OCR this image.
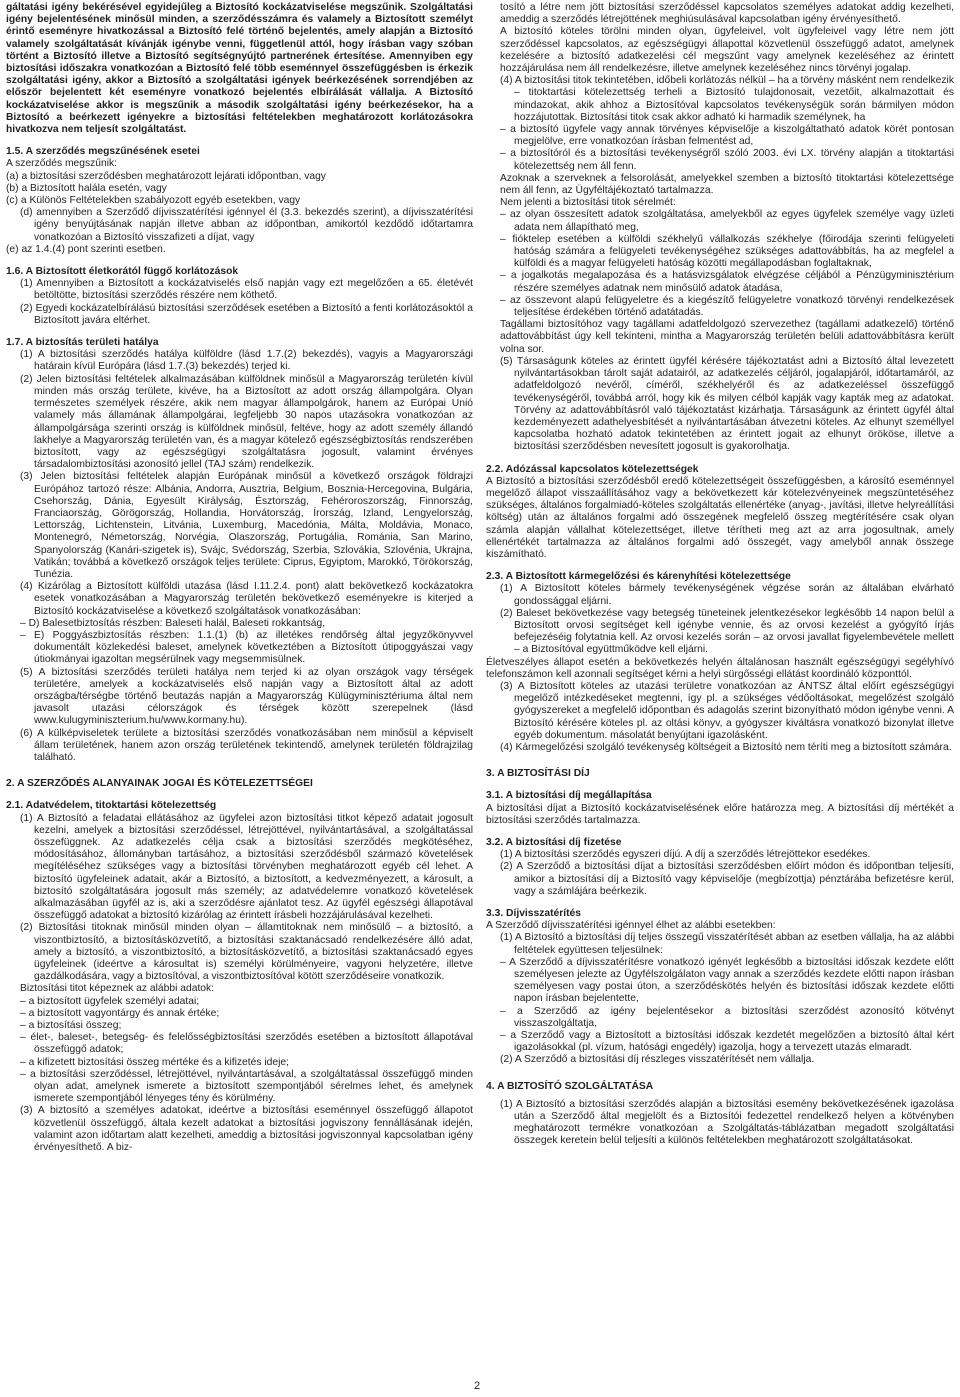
gáltatási igény bekérésével egyidejűleg a Biztosító kockázatviselése megszűnik. Szolgáltatási igény bejelentésének minősül minden, a szerződésszámra és valamely a Biztosított személyt érintő eseményre hivatkozással a Biztosító felé történő bejelentés, amely alapján a Biztosító valamely szolgáltatását kívánják igénybe venni, függetlenül attól, hogy írásban vagy szóban történt a Biztosító illetve a Biztosító segítségnyújtó partnerének értesítése. Amennyiben egy biztosítási időszakra vonatkozóan a Biztosító felé több eseménnyel összefüggésben is érkezik szolgáltatási igény, akkor a Biztosító a szolgáltatási igények beérkezésének sorrendjében az először bejelentett két eseményre vonatkozó bejelentés elbírálását vállalja. A Biztosító kockázatviselése akkor is megszűnik a második szolgáltatási igény beérkezésekor, ha a Biztosító a beérkezett igényekre a biztosítási feltételekben meghatározott korlátozásokra hivatkozva nem teljesít szolgáltatást.

1.5. A szerződés megszűnésének esetei

A szerződés megszűnik:

(a) a biztosítási szerződésben meghatározott lejárati időpontban, vagy

(b) a Biztosított halála esetén, vagy

(c) a Különös Feltételekben szabályozott egyéb esetekben, vagy

(d) amennyiben a Szerződő díjvisszatérítési igénnyel él (3.3. bekezdés szerint), a díjvisszatérítési igény benyújtásának napján illetve abban az időpontban, amikortól kezdődő időtartamra vonatkozóan a Biztosító visszafizeti a díjat, vagy

(e) az 1.4.(4) pont szerinti esetben.

1.6. A Biztosított életkorától függő korlátozások

(1) Amennyiben a Biztosított a kockázatviselés első napján vagy ezt megelőzően a 65. életévét betöltötte, biztosítási szerződés részére nem köthető.

(2) Egyedi kockázatelbírálású biztosítási szerződések esetében a Biztosító a fenti korlátozásoktól a Biztosított javára eltérhet.

1.7. A biztosítás területi hatálya

(1) A biztosítási szerződés hatálya külföldre (lásd 1.7.(2) bekezdés), vagyis a Magyarországi határain kívül Európára (lásd 1.7.(3) bekezdés) terjed ki.

(2) Jelen biztosítási feltételek alkalmazásában külföldnek minősül a Magyarország területén kívül minden más ország területe, kivéve, ha a Biztosított az adott ország állampolgára. Olyan természetes személyek részére, akik nem magyar állampolgárok, hanem az Európai Unió valamely más államának állampolgárai, legfeljebb 30 napos utazásokra vonatkozóan az állampolgársága szerinti ország is külföldnek minősül, feltéve, hogy az adott személy állandó lakhelye a Magyarország területén van, és a magyar kötelező egészségbiztosítás rendszerében biztosított, vagy az egészségügyi szolgáltatásra jogosult, valamint érvényes társadalombiztosítási azonosító jellel (TAJ szám) rendelkezik.

(3) Jelen biztosítási feltételek alapján Európának minősül a következő országok földrajzi Európához tartozó része: Albánia, Andorra, Ausztria, Belgium, Bosznia-Hercegovina, Bulgária, Csehország, Dánia, Egyesült Királyság, Észtország, Fehéroroszország, Finnország, Franciaország, Görögország, Hollandia, Horvátország, Írország, Izland, Lengyelország, Lettország, Lichtenstein, Litvánia, Luxemburg, Macedónia, Málta, Moldávia, Monaco, Montenegró, Németország, Norvégia, Olaszország, Portugália, Románia, San Marino, Spanyolország (Kanári-szigetek is), Svájc, Svédország, Szerbia, Szlovákia, Szlovénia, Ukrajna, Vatikán; továbbá a következő országok teljes területe: Ciprus, Egyiptom, Marokkó, Törökország, Tunézia.

(4) Kizárólag a Biztosított külföldi utazása (lásd I.11.2.4. pont) alatt bekövetkező kockázatokra esetek vonatkozásában a Magyarország területén bekövetkező eseményekre is kiterjed a Biztosító kockázatviselése a következő szolgáltatások vonatkozásában:

– D) Balesetbiztosítás részben: Baleseti halál, Baleseti rokkantság,

– E) Poggyászbiztosítás részben: 1.1.(1) (b) az illetékes rendőrség által jegyzőkönyvvel dokumentált közlekedési baleset, amelynek következtében a Biztosított útipoggyászai vagy útiokmányai igazoltan megsérülnek vagy megsemmisülnek.

(5) A biztosítási szerződés területi hatálya nem terjed ki az olyan országok vagy térségek területére, amelyek a kockázatviselés első napján vagy a Biztosított által az adott országba/térségbe történő beutazás napján a Magyarország Külügyminisztériuma által nem javasolt utazási célországok és térségek között szerepelnek (lásd www.kulugyminiszterium.hu/www.kormany.hu).

(6) A külképviseletek területe a biztosítási szerződés vonatkozásában nem minősül a képviselt állam területének, hanem azon ország területének tekintendő, amelynek területén földrajzilag található.

2. A SZERZŐDÉS ALANYAINAK JOGAI ÉS KÖTELEZETTSÉGEI

2.1. Adatvédelem, titoktartási kötelezettség

(1) A Biztosító a feladatai ellátásához az ügyfelei azon biztosítási titkot képező adatait jogosult kezelni, amelyek a biztosítási szerződéssel, létrejöttével, nyilvántartásával, a szolgáltatással összefüggnek. Az adatkezelés célja csak a biztosítási szerződés megkötéséhez, módosításához, állományban tartásához, a biztosítási szerződésből származó követelések megítéléséhez szükséges vagy a biztosítási törvényben meghatározott egyéb cél lehet. A biztosító ügyfeleinek adatait, akár a Biztosító, a biztosított, a kedvezményezett, a károsult, a biztosító szolgáltatására jogosult más személy; az adatvédelemre vonatkozó követelések alkalmazásában ügyfél az is, aki a szerződésre ajánlatot tesz. Az ügyfél egészségi állapotával összefüggő adatokat a biztosító kizárólag az érintett írásbeli hozzájárulásával kezelheti.

(2) Biztosítási titoknak minősül minden olyan – államtitoknak nem minősülő – a biztosító, a viszontbiztosító, a biztosításközvetítő, a biztosítási szaktanácsadó rendelkezésére álló adat, amely a biztosító, a viszontbiztosító, a biztosításközvetítő, a biztosítási szaktanácsadó egyes ügyfeleinek (ideértve a károsultat is) személyi körülményeire, vagyoni helyzetére, illetve gazdálkodására, vagy a biztosítóval, a viszontbiztosítóval kötött szerződéseire vonatkozik.

Biztosítási titot képeznek az alábbi adatok:

– a biztosított ügyfelek személyi adatai;

– a biztosított vagyontárgy és annak értéke;

– a biztosítási összeg;

– élet-, baleset-, betegség- és felelősségbiztosítási szerződés esetében a biztosított állapotával összefüggő adatok;

– a kifizetett biztosítási összeg mértéke és a kifizetés ideje;

– a biztosítási szerződéssel, létrejöttével, nyilvántartásával, a szolgáltatással összefüggő minden olyan adat, amelynek ismerete a biztosított szempontjából sérelmes lehet, és amelynek ismerete szempontjából lényeges tény és körülmény.

(3) A biztosító a személyes adatokat, ideértve a biztosítási eseménnyel összefüggő állapotot közvetlenül összefüggő, általa kezelt adatokat a biztosítási jogviszony fennállásának idején, valamint azon időtartam alatt kezelheti, ameddig a biztosítási jogviszonnyal kapcsolatban igény érvényesíthető. A biz-

tosító a létre nem jött biztosítási szerződéssel kapcsolatos személyes adatokat addig kezelheti, ameddig a szerződés létrejöttének meghiúsulásával kapcsolatban igény érvényesíthető.

A biztosító köteles törölni minden olyan, ügyfeleivel, volt ügyfeleivel vagy létre nem jött szerződéssel kapcsolatos, az egészségügyi állapottal közvetlenül összefüggő adatot, amelynek kezelésére a biztosító adatkezelési cél megszűnt vagy amelynek kezeléséhez az érintett hozzájárulása nem áll rendelkezésre, illetve amelynek kezeléséhez nincs törvényi jogalap.

(4) A biztosítási titok tekintetében, időbeli korlátozás nélkül – ha a törvény másként nem rendelkezik – titoktartási kötelezettség terheli a Biztosító tulajdonosait, vezetőit, alkalmazottait és mindazokat, akik ahhoz a Biztosítóval kapcsolatos tevékenységük során bármilyen módon hozzájutottak. Biztosítási titok csak akkor adható ki harmadik személynek, ha

– a biztosító ügyfele vagy annak törvényes képviselője a kiszolgáltatható adatok körét pontosan megjelölve, erre vonatkozóan írásban felmentést ad,

– a biztosítóról és a biztosítási tevékenységről szóló 2003. évi LX. törvény alapján a titoktartási kötelezettség nem áll fenn.

Azoknak a szerveknek a felsorolását, amelyekkel szemben a biztosító titoktartási kötelezettsége nem áll fenn, az Ügyféltájékoztató tartalmazza.

Nem jelenti a biztosítási titok sérelmét:

– az olyan összesített adatok szolgáltatása, amelyekből az egyes ügyfelek személye vagy üzleti adata nem állapítható meg,

– fióktelep esetében a külföldi székhelyű vállalkozás székhelye (főirodája szerinti felügyeleti hatóság számára a felügyeleti tevékenységéhez szükséges adattovábbítás, ha az megfelel a külföldi és a magyar felügyeleti hatóság közötti megállapodásban foglaltaknak,

– a jogalkotás megalapozása és a hatásvizsgálatok elvégzése céljából a Pénzügyminisztérium részére személyes adatnak nem minősülő adatok átadása,

– az összevont alapú felügyeletre és a kiegészítő felügyeletre vonatkozó törvényi rendelkezések teljesítése érdekében történő adatátadás.

Tagállami biztosítóhoz vagy tagállami adatfeldolgozó szervezethez (tagállami adatkezelő) történő adattovábbítást úgy kell tekinteni, mintha a Magyarország területén belüli adattovábbításra került volna sor.

(5) Társaságunk köteles az érintett ügyfél kérésére tájékoztatást adni a Biztosító által levezetett nyilvántartásokban tárolt saját adatairól, az adatkezelés céljáról, jogalapjáról, időtartamáról, az adatfeldolgozó nevéről, címéről, székhelyéről és az adatkezeléssel összefüggő tevékenységéről, továbbá arról, hogy kik és milyen célból kapják vagy kapták meg az adatokat. Törvény az adattovábbításról való tájékoztatást kizárhatja. Társaságunk az érintett ügyfél által kezdeményezett adathelyesbítését a nyilvántartásában átvezetni köteles. Az elhunyt személlyel kapcsolatba hozható adatok tekintetében az érintett jogait az elhunyt örököse, illetve a biztosítási szerződésben nevesített jogosult is gyakorolhatja.

2.2. Adózással kapcsolatos kötelezettségek

A Biztosító a biztosítási szerződésből eredő kötelezettségeit összefüggésben, a károsító eseménnyel megelőző állapot visszaállításához vagy a bekövetkezett kár kötelezvényeinek megszüntetéséhez szükséges, általános forgalmiadó-köteles szolgáltatás ellenértéke (anyag-, javítási, illetve helyreállítási költség) után az általános forgalmi adó összegének megfelelő összeg megtérítésére csak olyan számla alapján vállalhat kötelezettséget, illetve térítheti meg azt az arra jogosultnak, amely ellenértékét tartalmazza az általános forgalmi adó összegét, vagy amelyből annak összege kiszámítható.

2.3. A Biztosított kármegelőzési és kárenyhítési kötelezettsége

(1) A Biztosított köteles bármely tevékenységének végzése során az általában elvárható gondossággal eljárni.

(2) Baleset bekövetkezése vagy betegség tüneteinek jelentkezésekor legkésőbb 14 napon belül a Biztosított orvosi segítséget kell igénybe vennie, és az orvosi kezelést a gyógyító írjás befejezéséig folytatnia kell. Az orvosi kezelés során – az orvosi javallat figyelembevétele mellett – a Biztosítóval együttműködve kell eljárni.

Életveszélyes állapot esetén a bekövetkezés helyén általánosan használt egészségügyi segélyhívó telefonszámon kell azonnali segítséget kérni a helyi sürgősségi ellátást koordináló központtól.

(3) A Biztosított köteles az utazási területre vonatkozóan az ÁNTSZ által előírt egészségügyi megelőző intézkedéseket megtenni, így pl. a szükséges védőoltásokat, megelőzést szolgáló gyógyszereket a megfelelő időpontban és adagolás szerint bizonyítható módon igénybe venni. A Biztosító kérésére köteles pl. az oltási könyv, a gyógyszer kiváltásra vonatkozó bizonylat illetve egyéb dokumentum. másolatát benyújtani igazolásként.

(4) Kármegelőzési szolgáló tevékenység költségeit a Biztosító nem téríti meg a biztosított számára.

3. A BIZTOSÍTÁSI DÍJ

3.1. A biztosítási díj megállapítása

A biztosítási díjat a Biztosító kockázatviselésének előre határozza meg. A biztosítási díj mértékét a biztosítási szerződés tartalmazza.

3.2. A biztosítási díj fizetése

(1) A biztosítási szerződés egyszeri díjú. A díj a szerződés létrejöttekor esedékes.

(2) A Szerződő a biztosítási díjat a biztosítási szerződésben előírt módon és időpontban teljesíti, amikor a biztosítási díj a Biztosító vagy képviselője (megbízottja) pénztárába befizetésre kerül, vagy a számlájára beérkezik.

3.3. Díjvisszatérítés

A Szerződő díjvisszatérítési igénnyel élhet az alábbi esetekben:

(1) A Biztosító a biztosítási díj teljes összegű visszatérítését abban az esetben vállalja, ha az alábbi feltételek együttesen teljesülnek:

– A Szerződő a díjvisszatérítésre vonatkozó igényét legkésőbb a biztosítási időszak kezdete előtt személyesen jelezte az Ügyfélszolgálaton vagy annak a szerződés kezdete előtti napon írásban személyesen vagy postai úton, a szerződéskötés helyén és biztosítási időszak kezdete előtti napon írásban bejelentette,

– a Szerződő az igény bejelentésekor a biztosítási szerződést azonosító kötvényt visszaszolgáltatja,

– a Szerződő vagy a Biztosított a biztosítási időszak kezdetét megelőzően a biztosító által kért igazolásokkal (pl. vízum, hatósági engedély) igazolja, hogy a tervezett utazás elmaradt.

(2) A Szerződő a biztosítási díj részleges visszatérítését nem vállalja.

4. A BIZTOSÍTÓ SZOLGÁLTATÁSA

(1) A Biztosító a biztosítási szerződés alapján a biztosítási esemény bekövetkezésének igazolása után a Szerződő által megjelölt és a Biztosítói fedezettel rendelkező helyen a kötvényben meghatározott termékre vonatkozóan a Szolgáltatás-táblázatban megadott szolgáltatási összegek keretein belül teljesíti a különös feltételekben meghatározott szolgáltatásokat.

2
